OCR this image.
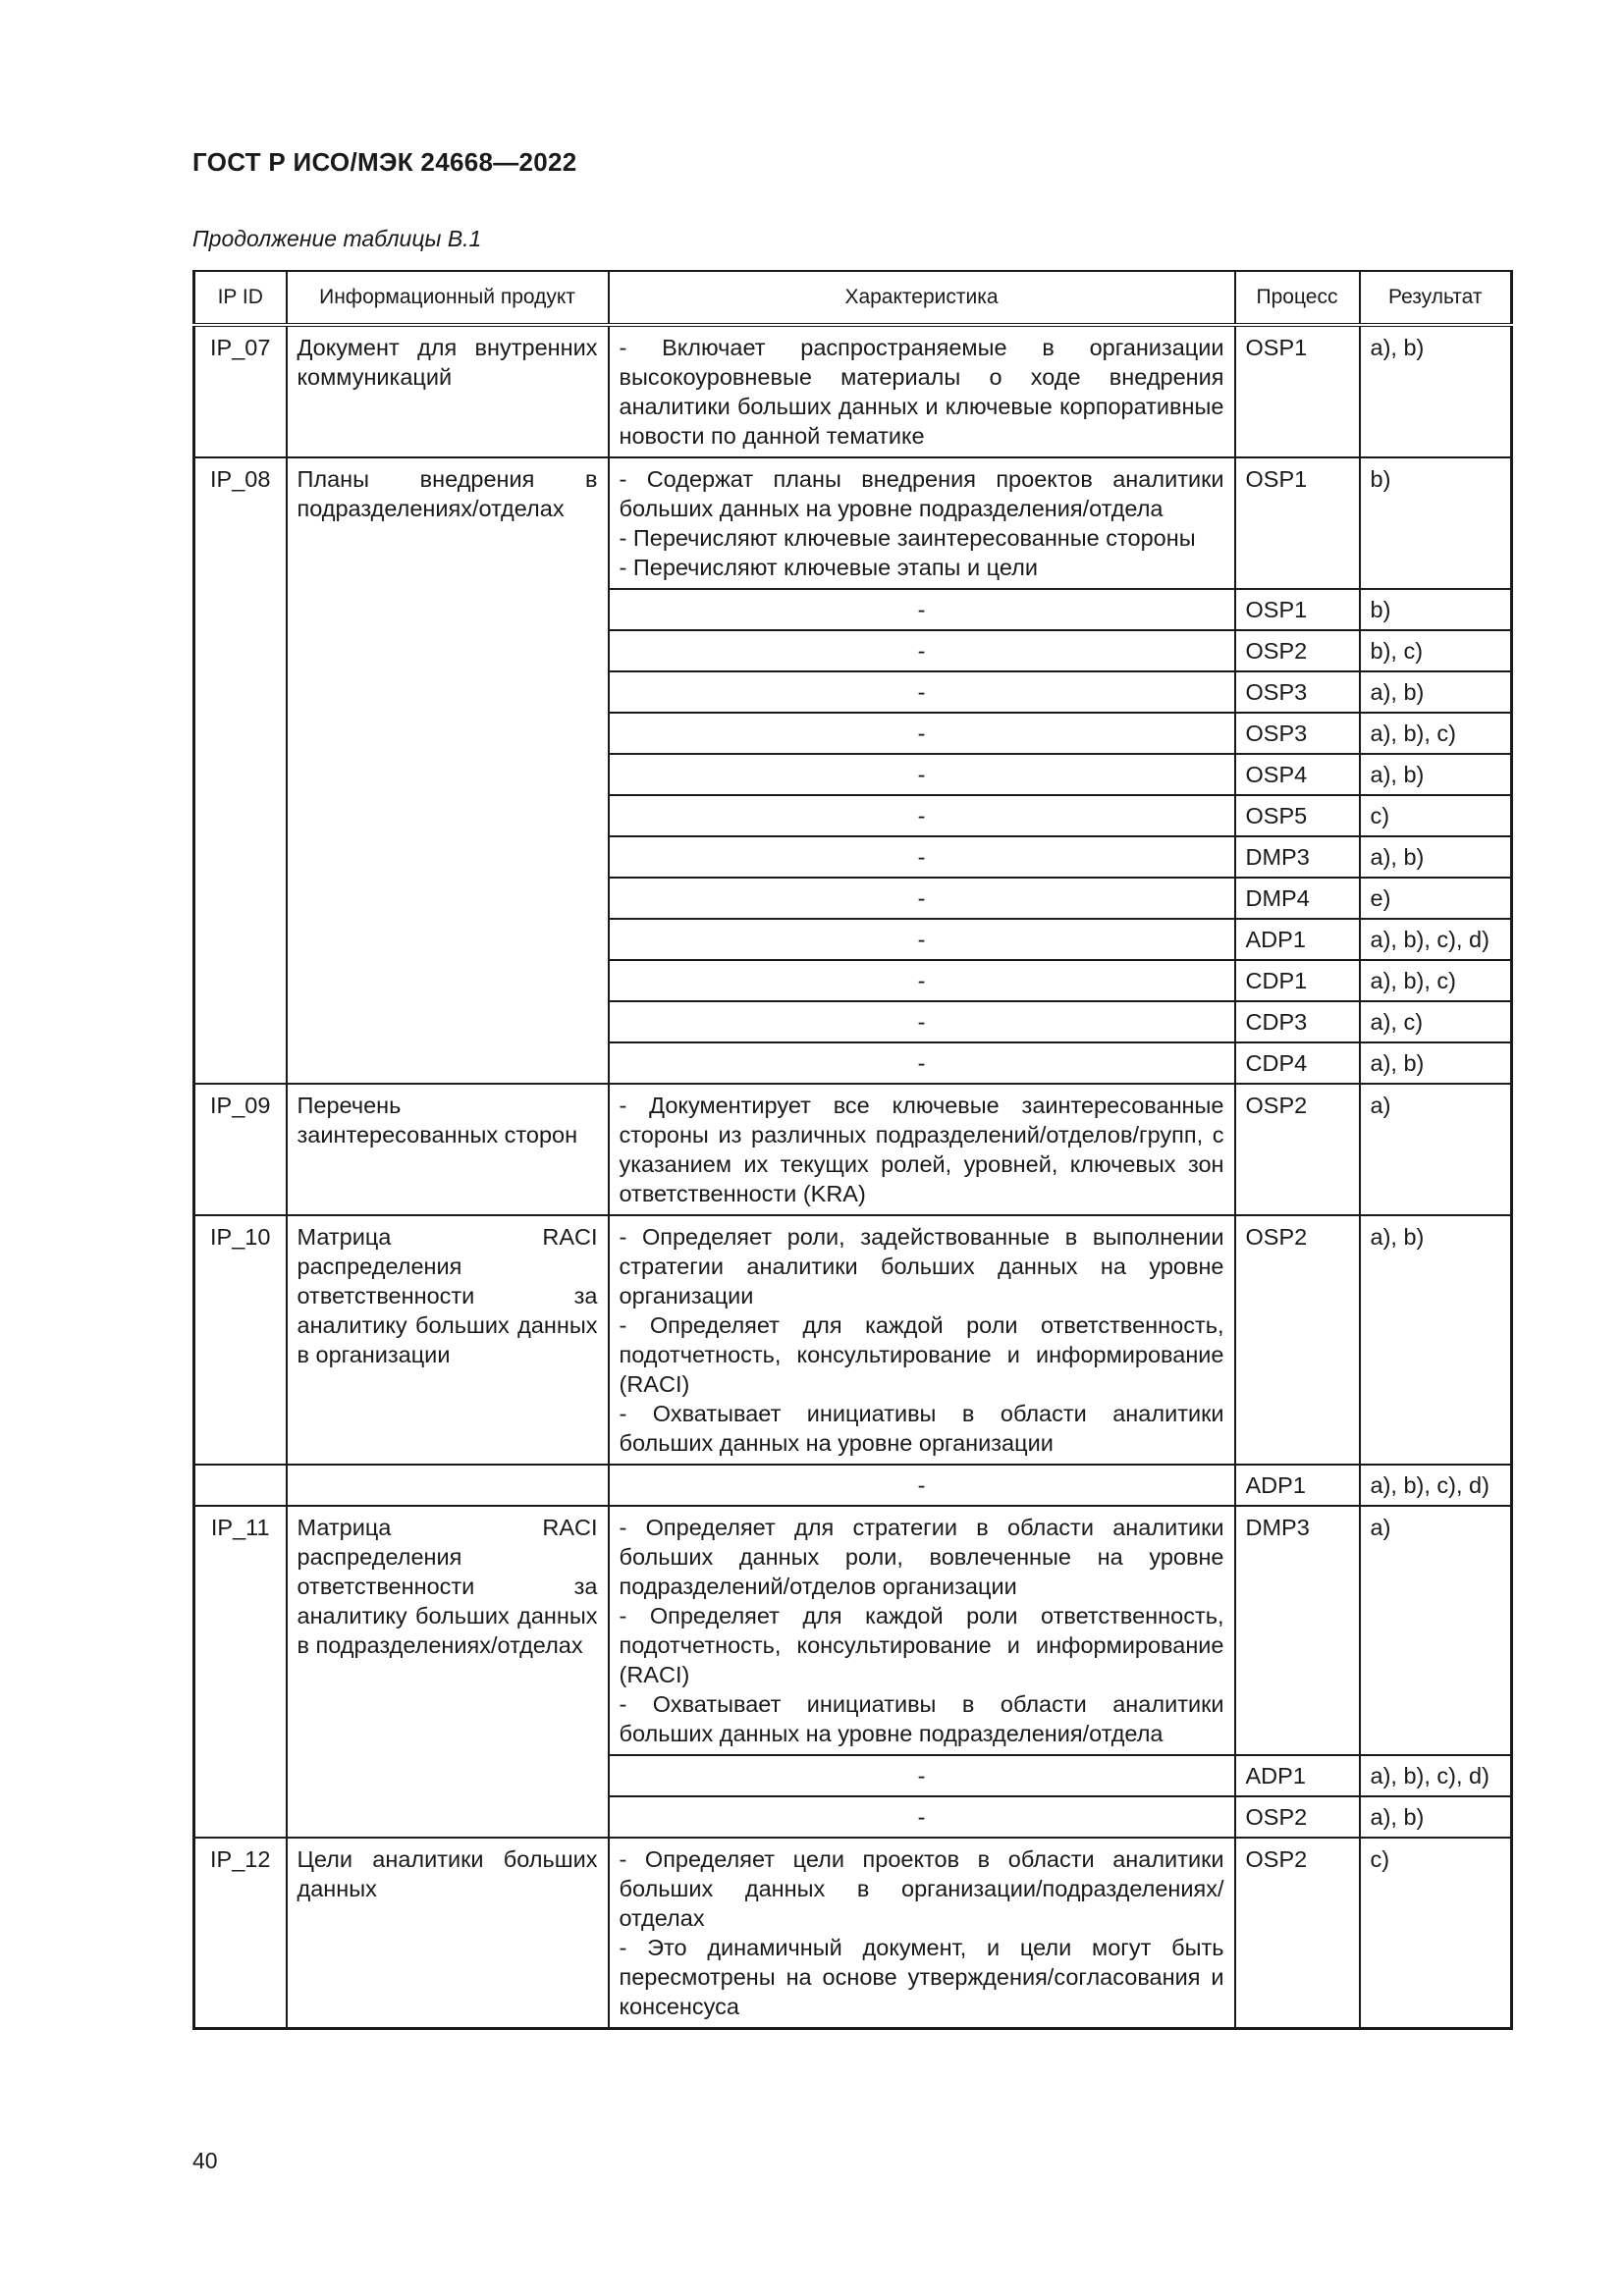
ГОСТ Р ИСО/МЭК 24668—2022
Продолжение таблицы В.1
IP ID	Информационный продукт	Характеристика	Процесс	Результат
IP_07	Документ для внутренних коммуникаций	- Включает распространяемые в организации высокоуровневые материалы о ходе внедрения аналитики больших данных и ключевые корпоративные новости по данной тематике	OSP1	a), b)
IP_08	Планы внедрения в подразделениях/отделах	- Содержат планы внедрения проектов аналитики больших данных на уровне подразделения/отдела
- Перечисляют ключевые заинтересованные стороны
- Перечисляют ключевые этапы и цели	OSP1	b)

		-	OSP1	b)

		-	OSP2	b), c)

		-	OSP3	a), b)

		-	OSP3	a), b), c)

		-	OSP4	a), b)

		-	OSP5	c)

		-	DMP3	a), b)

		-	DMP4	e)

		-	ADP1	a), b), c), d)

		-	CDP1	a), b), c)

		-	CDP3	a), c)

		-	CDP4	a), b)
IP_09	Перечень заинтересованных сторон	- Документирует все ключевые заинтересованные стороны из различных подразделений/отделов/групп, с указанием их текущих ролей, уровней, ключевых зон ответственности (KRA)	OSP2	a)
IP_10	Матрица RACI распределения ответственности за аналитику больших данных в организации	- Определяет роли, задействованные в выполнении стратегии аналитики больших данных на уровне организации
- Определяет для каждой роли ответственность, подотчетность, консультирование и информирование (RACI)
- Охватывает инициативы в области аналитики больших данных на уровне организации	OSP2	a), b)

		-	ADP1	a), b), c), d)
IP_11	Матрица RACI распределения ответственности за аналитику больших данных в подразделениях/отделах	- Определяет для стратегии в области аналитики больших данных роли, вовлеченные на уровне подразделений/отделов организации
- Определяет для каждой роли ответственность, подотчетность, консультирование и информирование (RACI)
- Охватывает инициативы в области аналитики больших данных на уровне подразделения/отдела	DMP3	a)

		-	ADP1	a), b), c), d)

		-	OSP2	a), b)
IP_12	Цели аналитики больших данных	- Определяет цели проектов в области аналитики больших данных в организации/подразделениях/отделах
- Это динамичный документ, и цели могут быть пересмотрены на основе утверждения/согласования и консенсуса	OSP2	c)
40
